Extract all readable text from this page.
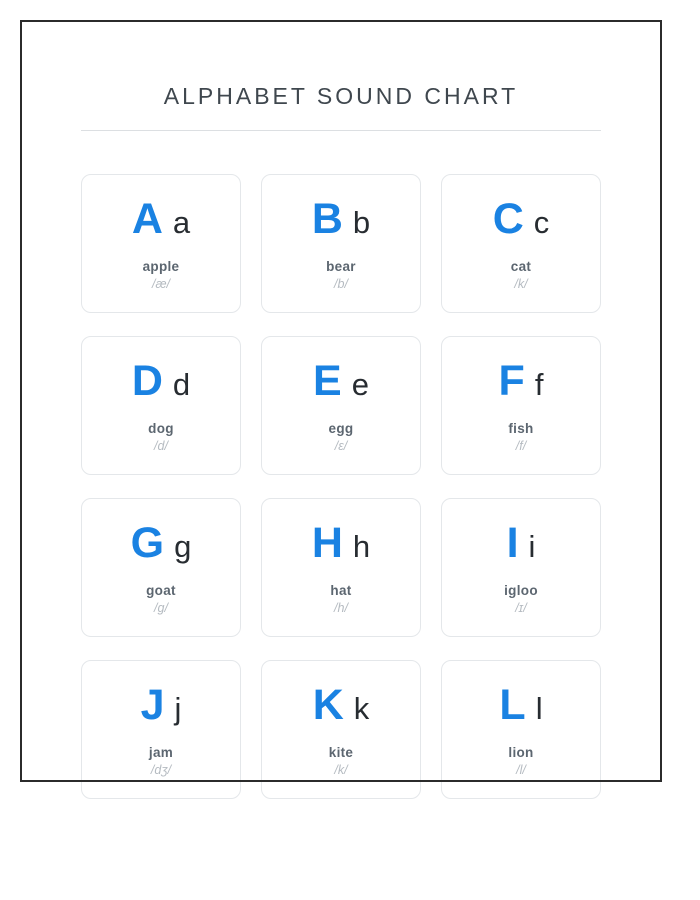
ALPHABET SOUND CHART
A a
apple
/æ/
B b
bear
/b/
C c
cat
/k/
D d
dog
/d/
E e
egg
/ɛ/
F f
fish
/f/
G g
goat
/g/
H h
hat
/h/
I i
igloo
/ɪ/
J j
jam
/dʒ/
K k
kite
/k/
L l
lion
/l/
